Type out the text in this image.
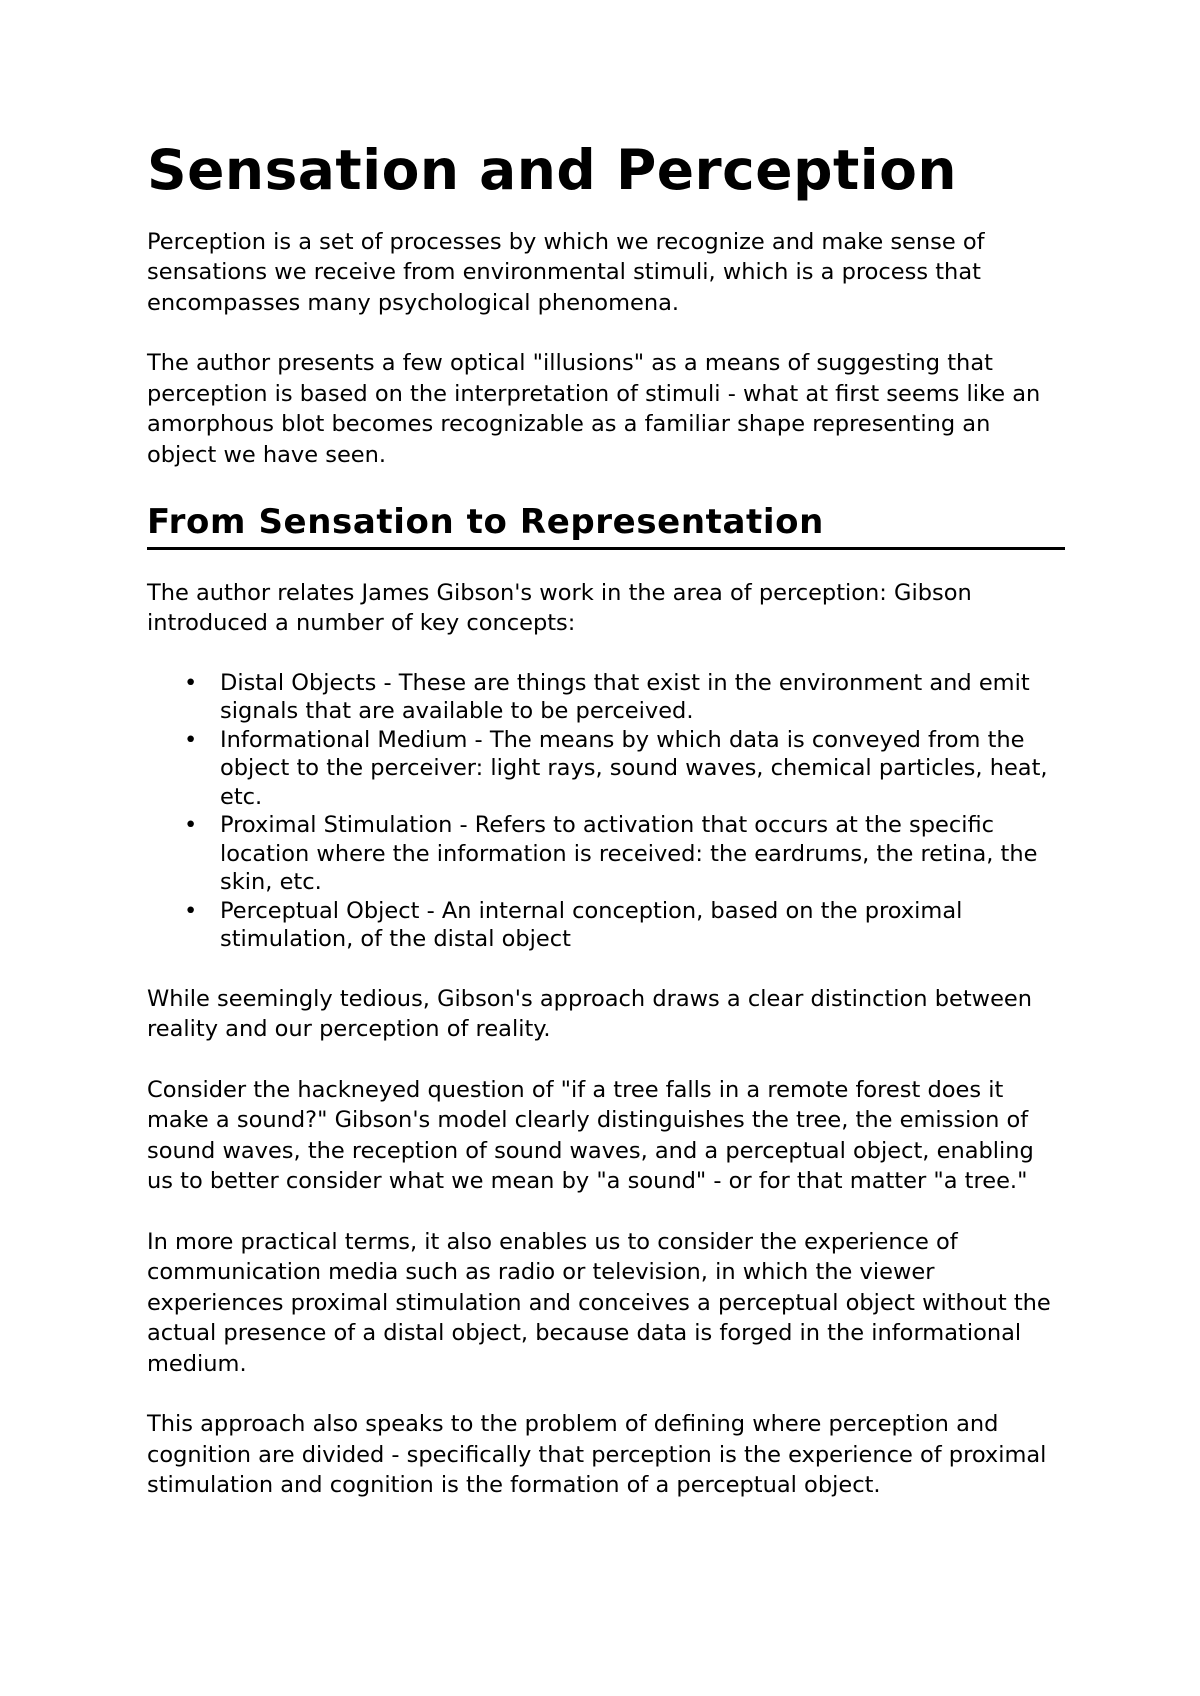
Sensation and Perception

Perception is a set of processes by which we recognize and make sense of sensations we receive from environmental stimuli, which is a process that encompasses many psychological phenomena.

The author presents a few optical "illusions" as a means of suggesting that perception is based on the interpretation of stimuli - what at first seems like an amorphous blot becomes recognizable as a familiar shape representing an object we have seen.

From Sensation to Representation

The author relates James Gibson's work in the area of perception: Gibson introduced a number of key concepts:

• Distal Objects - These are things that exist in the environment and emit signals that are available to be perceived.
• Informational Medium - The means by which data is conveyed from the object to the perceiver: light rays, sound waves, chemical particles, heat, etc.
• Proximal Stimulation - Refers to activation that occurs at the specific location where the information is received: the eardrums, the retina, the skin, etc.
• Perceptual Object - An internal conception, based on the proximal stimulation, of the distal object

While seemingly tedious, Gibson's approach draws a clear distinction between reality and our perception of reality.

Consider the hackneyed question of "if a tree falls in a remote forest does it make a sound?" Gibson's model clearly distinguishes the tree, the emission of sound waves, the reception of sound waves, and a perceptual object, enabling us to better consider what we mean by "a sound" - or for that matter "a tree."

In more practical terms, it also enables us to consider the experience of communication media such as radio or television, in which the viewer experiences proximal stimulation and conceives a perceptual object without the actual presence of a distal object, because data is forged in the informational medium.

This approach also speaks to the problem of defining where perception and cognition are divided - specifically that perception is the experience of proximal stimulation and cognition is the formation of a perceptual object.
